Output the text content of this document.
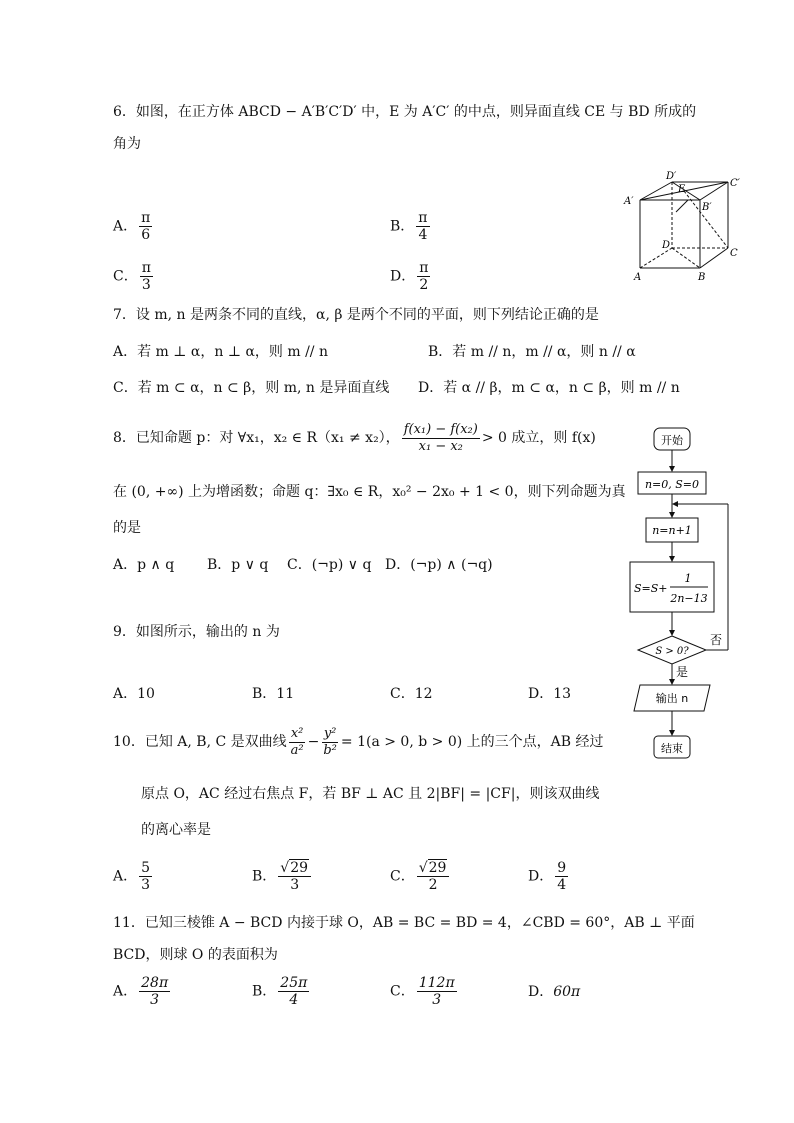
6．如图，在正方体 ABCD − A′B′C′D′ 中，E 为 A′C′ 的中点，则异面直线 CE 与 BD 所成的
角为
A． $\frac{\pi}{6}$	B． $\frac{\pi}{4}$
C． $\frac{\pi}{3}$	D． $\frac{\pi}{2}$
D′
C′
A′
E
B′
D
C
A	B
7．设 m, n 是两条不同的直线，α, β 是两个不同的平面，则下列结论正确的是
A．若 m ⊥ α，n ⊥ α，则 m // n	B．若 m // n，m // α，则 n // α
C．若 m ⊂ α，n ⊂ β，则 m, n 是异面直线 D．若 α // β，m ⊂ α，n ⊂ β，则 m // n
8．已知命题 p：对 ∀x₁，x₂ ∈ R（x₁ ≠ x₂）， $\frac{\text{f(x₁) − f(x₂)}}{\text{x₁ − x₂}} > 0$ 成立，则 f(x)
在 (0, +∞) 上为增函数；命题 q：∃x₀ ∈ R，x₀² − 2x₀ + 1 < 0，则下列命题为真
的是
A．p ∧ q B．p ∨ q C．(¬p) ∨ q D．(¬p) ∧ (¬q)
开始
n=0, S=0
n=n+1
S=S+
1
2n−13
S > 0?
否
是
输出 n
结束
9．如图所示，输出的 n 为
A．10	B．11	C．12	D．13
10．已知 A, B, C 是双曲线 $\frac{\text{x²}}{\text{a²}} - \frac{\text{y²}}{\text{b²}} = 1(a > 0$, b > 0) 上的三个点，AB 经过
原点 O，AC 经过右焦点 F，若 BF ⊥ AC 且 2|BF| = |CF|，则该双曲线
的离心率是
A． $\frac{5}{3}$	B． $\frac{√29}{3}$	C． $\frac{√29}{2}$	D． $\frac{9}{4}$
11．已知三棱锥 A − BCD 内接于球 O，AB = BC = BD = 4，∠CBD = 60°，AB ⊥ 平面
BCD，则球 O 的表面积为
A． $\frac{28\pi}{3}$	B． $\frac{25\pi}{4}$	C． $\frac{112\pi}{3}$	D．60π
